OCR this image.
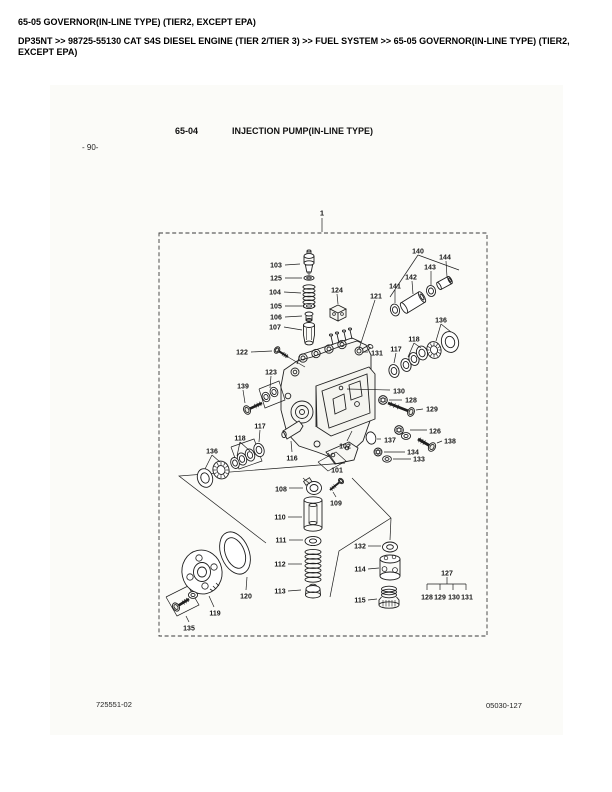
65-05 GOVERNOR(IN-LINE TYPE) (TIER2, EXCEPT EPA)
DP35NT >> 98725-55130 CAT S4S DIESEL ENGINE (TIER 2/TIER 3) >> FUEL SYSTEM >> 65-05 GOVERNOR(IN-LINE TYPE) (TIER2, EXCEPT EPA)
65-04	INJECTION PUMP(IN-LINE TYPE)
- 90-
1
103
125
104
105
106
107
124
121
140
141
142
143
144
136
118
117
122	131
123
139
130
128
129
117
118
136
116
102
137
126
138
134
133
101
108
109
110
111
112
113
132
114
115
120
119
135
127
128 129 130 131
725551-02	05030-127
